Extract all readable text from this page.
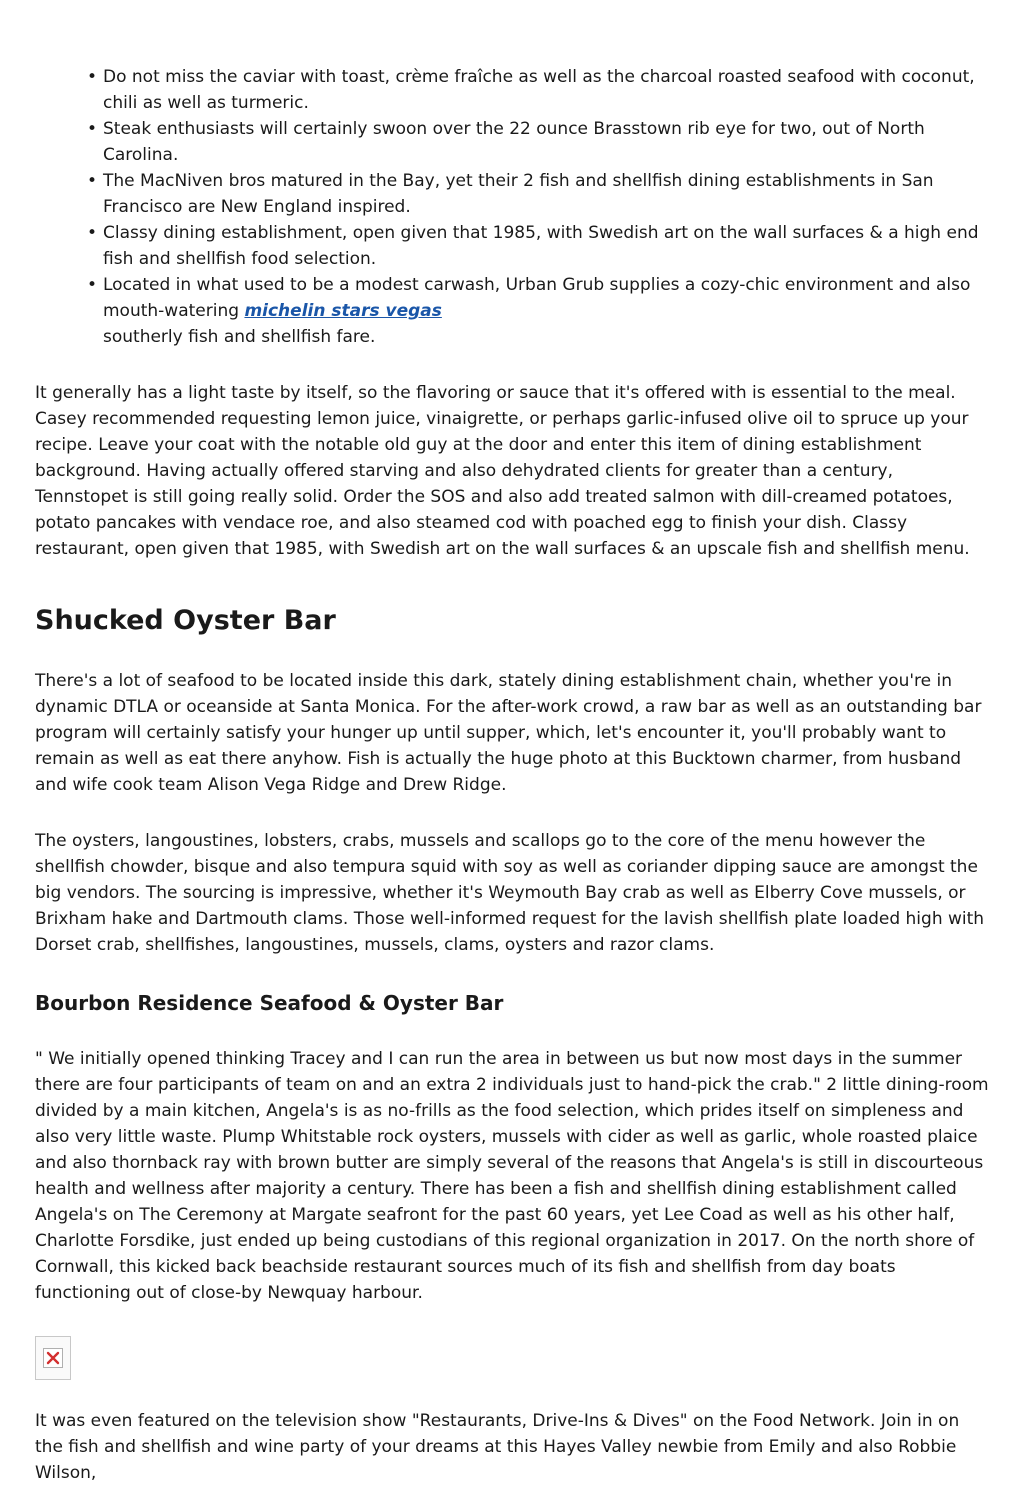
• Do not miss the caviar with toast, crème fraîche as well as the charcoal roasted seafood with coconut, chili as well as turmeric.
• Steak enthusiasts will certainly swoon over the 22 ounce Brasstown rib eye for two, out of North Carolina.
• The MacNiven bros matured in the Bay, yet their 2 fish and shellfish dining establishments in San Francisco are New England inspired.
• Classy dining establishment, open given that 1985, with Swedish art on the wall surfaces & a high end fish and shellfish food selection.
• Located in what used to be a modest carwash, Urban Grub supplies a cozy-chic environment and also mouth-watering michelin stars vegas
southerly fish and shellfish fare.

It generally has a light taste by itself, so the flavoring or sauce that it's offered with is essential to the meal. Casey recommended requesting lemon juice, vinaigrette, or perhaps garlic-infused olive oil to spruce up your recipe. Leave your coat with the notable old guy at the door and enter this item of dining establishment background. Having actually offered starving and also dehydrated clients for greater than a century, Tennstopet is still going really solid. Order the SOS and also add treated salmon with dill-creamed potatoes, potato pancakes with vendace roe, and also steamed cod with poached egg to finish your dish. Classy restaurant, open given that 1985, with Swedish art on the wall surfaces & an upscale fish and shellfish menu.

Shucked Oyster Bar

There's a lot of seafood to be located inside this dark, stately dining establishment chain, whether you're in dynamic DTLA or oceanside at Santa Monica. For the after-work crowd, a raw bar as well as an outstanding bar program will certainly satisfy your hunger up until supper, which, let's encounter it, you'll probably want to remain as well as eat there anyhow. Fish is actually the huge photo at this Bucktown charmer, from husband and wife cook team Alison Vega Ridge and Drew Ridge.

The oysters, langoustines, lobsters, crabs, mussels and scallops go to the core of the menu however the shellfish chowder, bisque and also tempura squid with soy as well as coriander dipping sauce are amongst the big vendors. The sourcing is impressive, whether it's Weymouth Bay crab as well as Elberry Cove mussels, or Brixham hake and Dartmouth clams. Those well-informed request for the lavish shellfish plate loaded high with Dorset crab, shellfishes, langoustines, mussels, clams, oysters and razor clams.

Bourbon Residence Seafood & Oyster Bar

" We initially opened thinking Tracey and I can run the area in between us but now most days in the summer there are four participants of team on and an extra 2 individuals just to hand-pick the crab." 2 little dining-room divided by a main kitchen, Angela's is as no-frills as the food selection, which prides itself on simpleness and also very little waste. Plump Whitstable rock oysters, mussels with cider as well as garlic, whole roasted plaice and also thornback ray with brown butter are simply several of the reasons that Angela's is still in discourteous health and wellness after majority a century. There has been a fish and shellfish dining establishment called Angela's on The Ceremony at Margate seafront for the past 60 years, yet Lee Coad as well as his other half, Charlotte Forsdike, just ended up being custodians of this regional organization in 2017. On the north shore of Cornwall, this kicked back beachside restaurant sources much of its fish and shellfish from day boats functioning out of close-by Newquay harbour.

It was even featured on the television show "Restaurants, Drive-Ins & Dives" on the Food Network. Join in on the fish and shellfish and wine party of your dreams at this Hayes Valley newbie from Emily and also Robbie Wilson,
